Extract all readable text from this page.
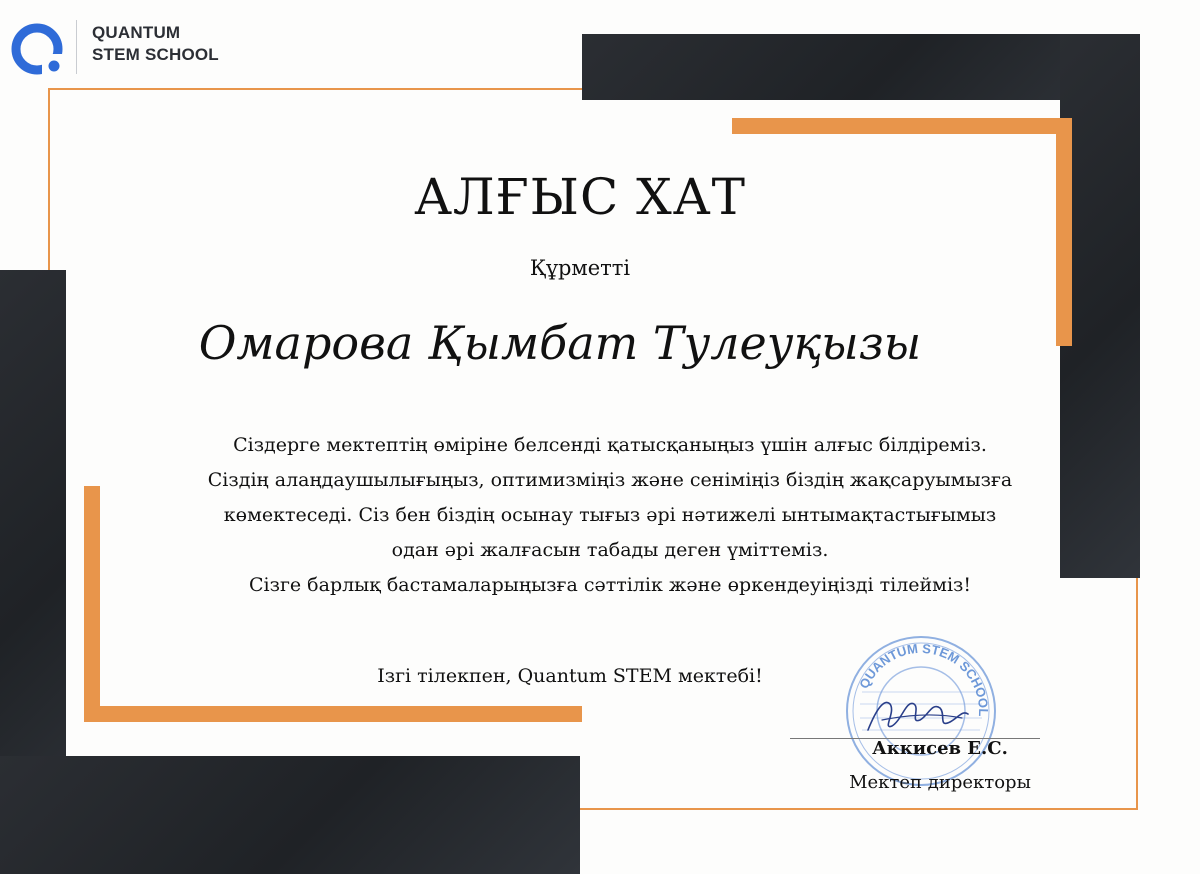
QUANTUM
STEM SCHOOL
АЛҒЫС ХАТ
Құрметті
Омарова Қымбат Тулеуқызы
Сіздерге мектептің өміріне белсенді қатысқаныңыз үшін алғыс білдіреміз.
Сіздің алаңдаушылығыңыз, оптимизміңіз және сеніміңіз біздің жақсаруымызға
көмектеседі. Сіз бен біздің осынау тығыз әрі нәтижелі ынтымақтастығымыз
одан әрі жалғасын табады деген үміттеміз.
Сізге барлық бастамаларыңызға сәттілік және өркендеуіңізді тілейміз!
Ізгі тілекпен, Quantum STEM мектебі!	QUANTUM STEM SCHOOL
Аккисев Е.С.
Мектеп директоры
